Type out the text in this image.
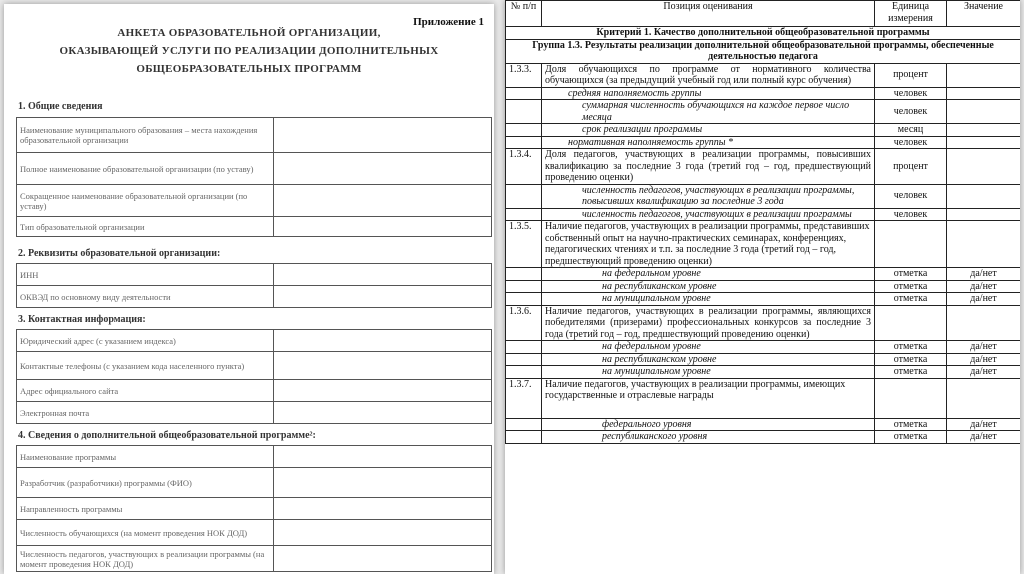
Приложение 1
АНКЕТА ОБРАЗОВАТЕЛЬНОЙ ОРГАНИЗАЦИИ,
ОКАЗЫВАЮЩЕЙ УСЛУГИ ПО РЕАЛИЗАЦИИ ДОПОЛНИТЕЛЬНЫХ
ОБЩЕОБРАЗОВАТЕЛЬНЫХ ПРОГРАММ
1. Общие сведения
Наименование муниципального образования – места нахождения образовательной организации	
Полное наименование образовательной организации (по уставу)	
Сокращенное наименование образовательной организации (по уставу)	
Тип образовательной организации	
2. Реквизиты образовательной организации:
ИНН	
ОКВЭД по основному виду деятельности	
3. Контактная информация:
Юридический адрес (с указанием индекса)	
Контактные телефоны (с указанием кода населенного пункта)	
Адрес официального сайта	
Электронная почта	
4. Сведения о дополнительной общеобразовательной программе²:
Наименование программы	
Разработчик (разработчики) программы (ФИО)	
Направленность программы	
Численность обучающихся (на момент проведения НОК ДОД)	
Численность педагогов, участвующих в реализации программы (на момент проведения НОК ДОД)	
№ п/п	Позиция оценивания	Единица измерения	Значение
Критерий 1. Качество дополнительной общеобразовательной программы			
Группа 1.3. Результаты реализации дополнительной общеобразовательной программы, обеспеченные деятельностью педагога			
1.3.3.	Доля обучающихся по программе от нормативного количества обучающихся (за предыдущий учебный год или полный курс обучения)	процент	
	средняя наполняемость группы	человек	
	суммарная численность обучающихся на каждое первое число месяца	человек	
	срок реализации программы	месяц	
	нормативная наполняемость группы *	человек	
1.3.4.	Доля педагогов, участвующих в реализации программы, повысивших квалификацию за последние 3 года (третий год – год, предшествующий проведению оценки)	процент	
	численность педагогов, участвующих в реализации программы, повысивших квалификацию за последние 3 года	человек	
	численность педагогов, участвующих в реализации программы	человек	
1.3.5.	Наличие педагогов, участвующих в реализации программы, представивших собственный опыт на научно-практических семинарах, конференциях, педагогических чтениях и т.п. за последние 3 года (третий год – год, предшествующий проведению оценки)		
	на федеральном уровне	отметка	да/нет
	на республиканском уровне	отметка	да/нет
	на муниципальном уровне	отметка	да/нет
1.3.6.	Наличие педагогов, участвующих в реализации программы, являющихся победителями (призерами) профессиональных конкурсов за последние 3 года (третий год – год, предшествующий проведению оценки)		
	на федеральном уровне	отметка	да/нет
	на республиканском уровне	отметка	да/нет
	на муниципальном уровне	отметка	да/нет
1.3.7.	Наличие педагогов, участвующих в реализации программы, имеющих государственные и отраслевые награды		
	федерального уровня	отметка	да/нет
	республиканского уровня	отметка	да/нет
